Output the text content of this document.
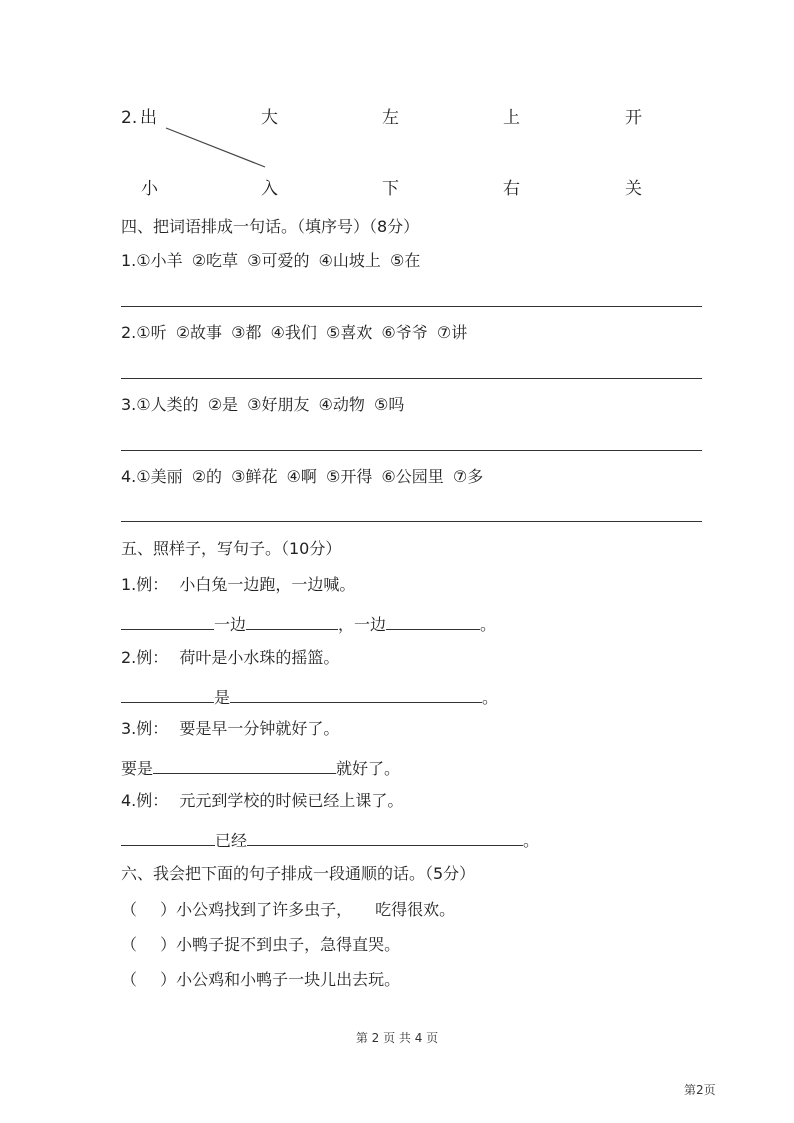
2. 出	大	左	上	开
小	入	下	右	关
四、把词语排成一句话。（填序号）（8分）
1.①小羊 ②吃草 ③可爱的 ④山坡上 ⑤在
2.①听 ②故事 ③都 ④我们 ⑤喜欢 ⑥爷爷 ⑦讲
3.①人类的 ②是 ③好朋友 ④动物 ⑤吗
4.①美丽 ②的 ③鲜花 ④啊 ⑤开得 ⑥公园里 ⑦多
五、照样子，写句子。（10分）
1.例： 小白兔一边跑，一边喊。
一边	，一边	。
2.例： 荷叶是小水珠的摇篮。
是	。
3.例： 要是早一分钟就好了。
要是	就好了。
4.例： 元元到学校的时候已经上课了。
已经	。
六、我会把下面的句子排成一段通顺的话。（5分）
（ ）小公鸡找到了许多虫子， 吃得很欢。
（ ）小鸭子捉不到虫子，急得直哭。
（ ）小公鸡和小鸭子一块儿出去玩。
第 2 页 共 4 页
第2页
